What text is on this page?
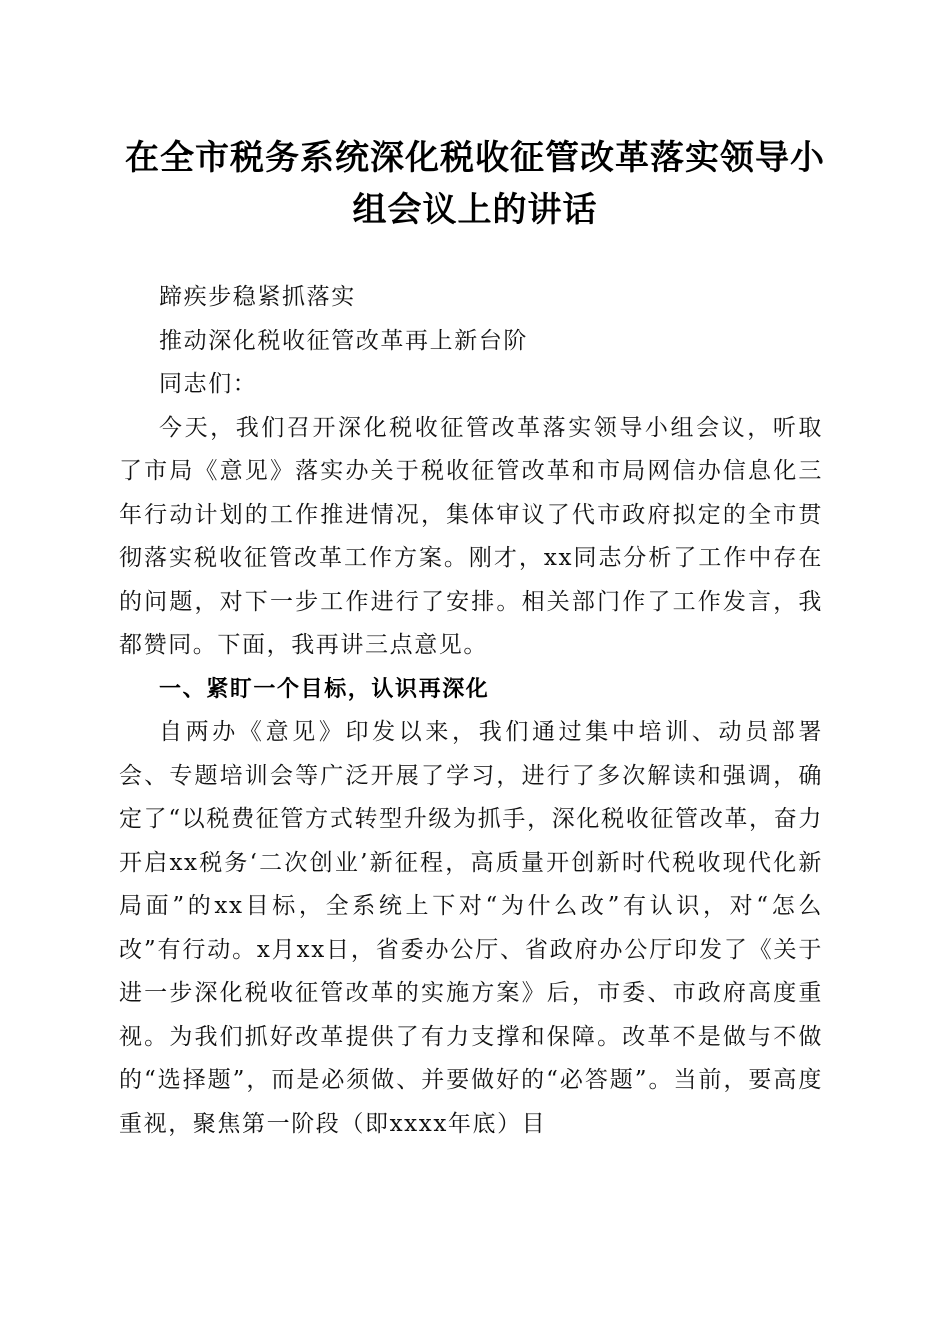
在全市税务系统深化税收征管改革落实领导小组会议上的讲话

蹄疾步稳紧抓落实

推动深化税收征管改革再上新台阶

同志们：

今天，我们召开深化税收征管改革落实领导小组会议，听取了市局《意见》落实办关于税收征管改革和市局网信办信息化三年行动计划的工作推进情况，集体审议了代市政府拟定的全市贯彻落实税收征管改革工作方案。刚才，xx同志分析了工作中存在的问题，对下一步工作进行了安排。相关部门作了工作发言，我都赞同。下面，我再讲三点意见。

一、紧盯一个目标，认识再深化

自两办《意见》印发以来，我们通过集中培训、动员部署会、专题培训会等广泛开展了学习，进行了多次解读和强调，确定了“以税费征管方式转型升级为抓手，深化税收征管改革，奋力开启xx税务‘二次创业’新征程，高质量开创新时代税收现代化新局面”的xx目标，全系统上下对“为什么改”有认识，对“怎么改”有行动。x月xx日，省委办公厅、省政府办公厅印发了《关于进一步深化税收征管改革的实施方案》后，市委、市政府高度重视。为我们抓好改革提供了有力支撑和保障。改革不是做与不做的“选择题”，而是必须做、并要做好的“必答题”。当前，要高度重视，聚焦第一阶段（即xxxx年底）目
